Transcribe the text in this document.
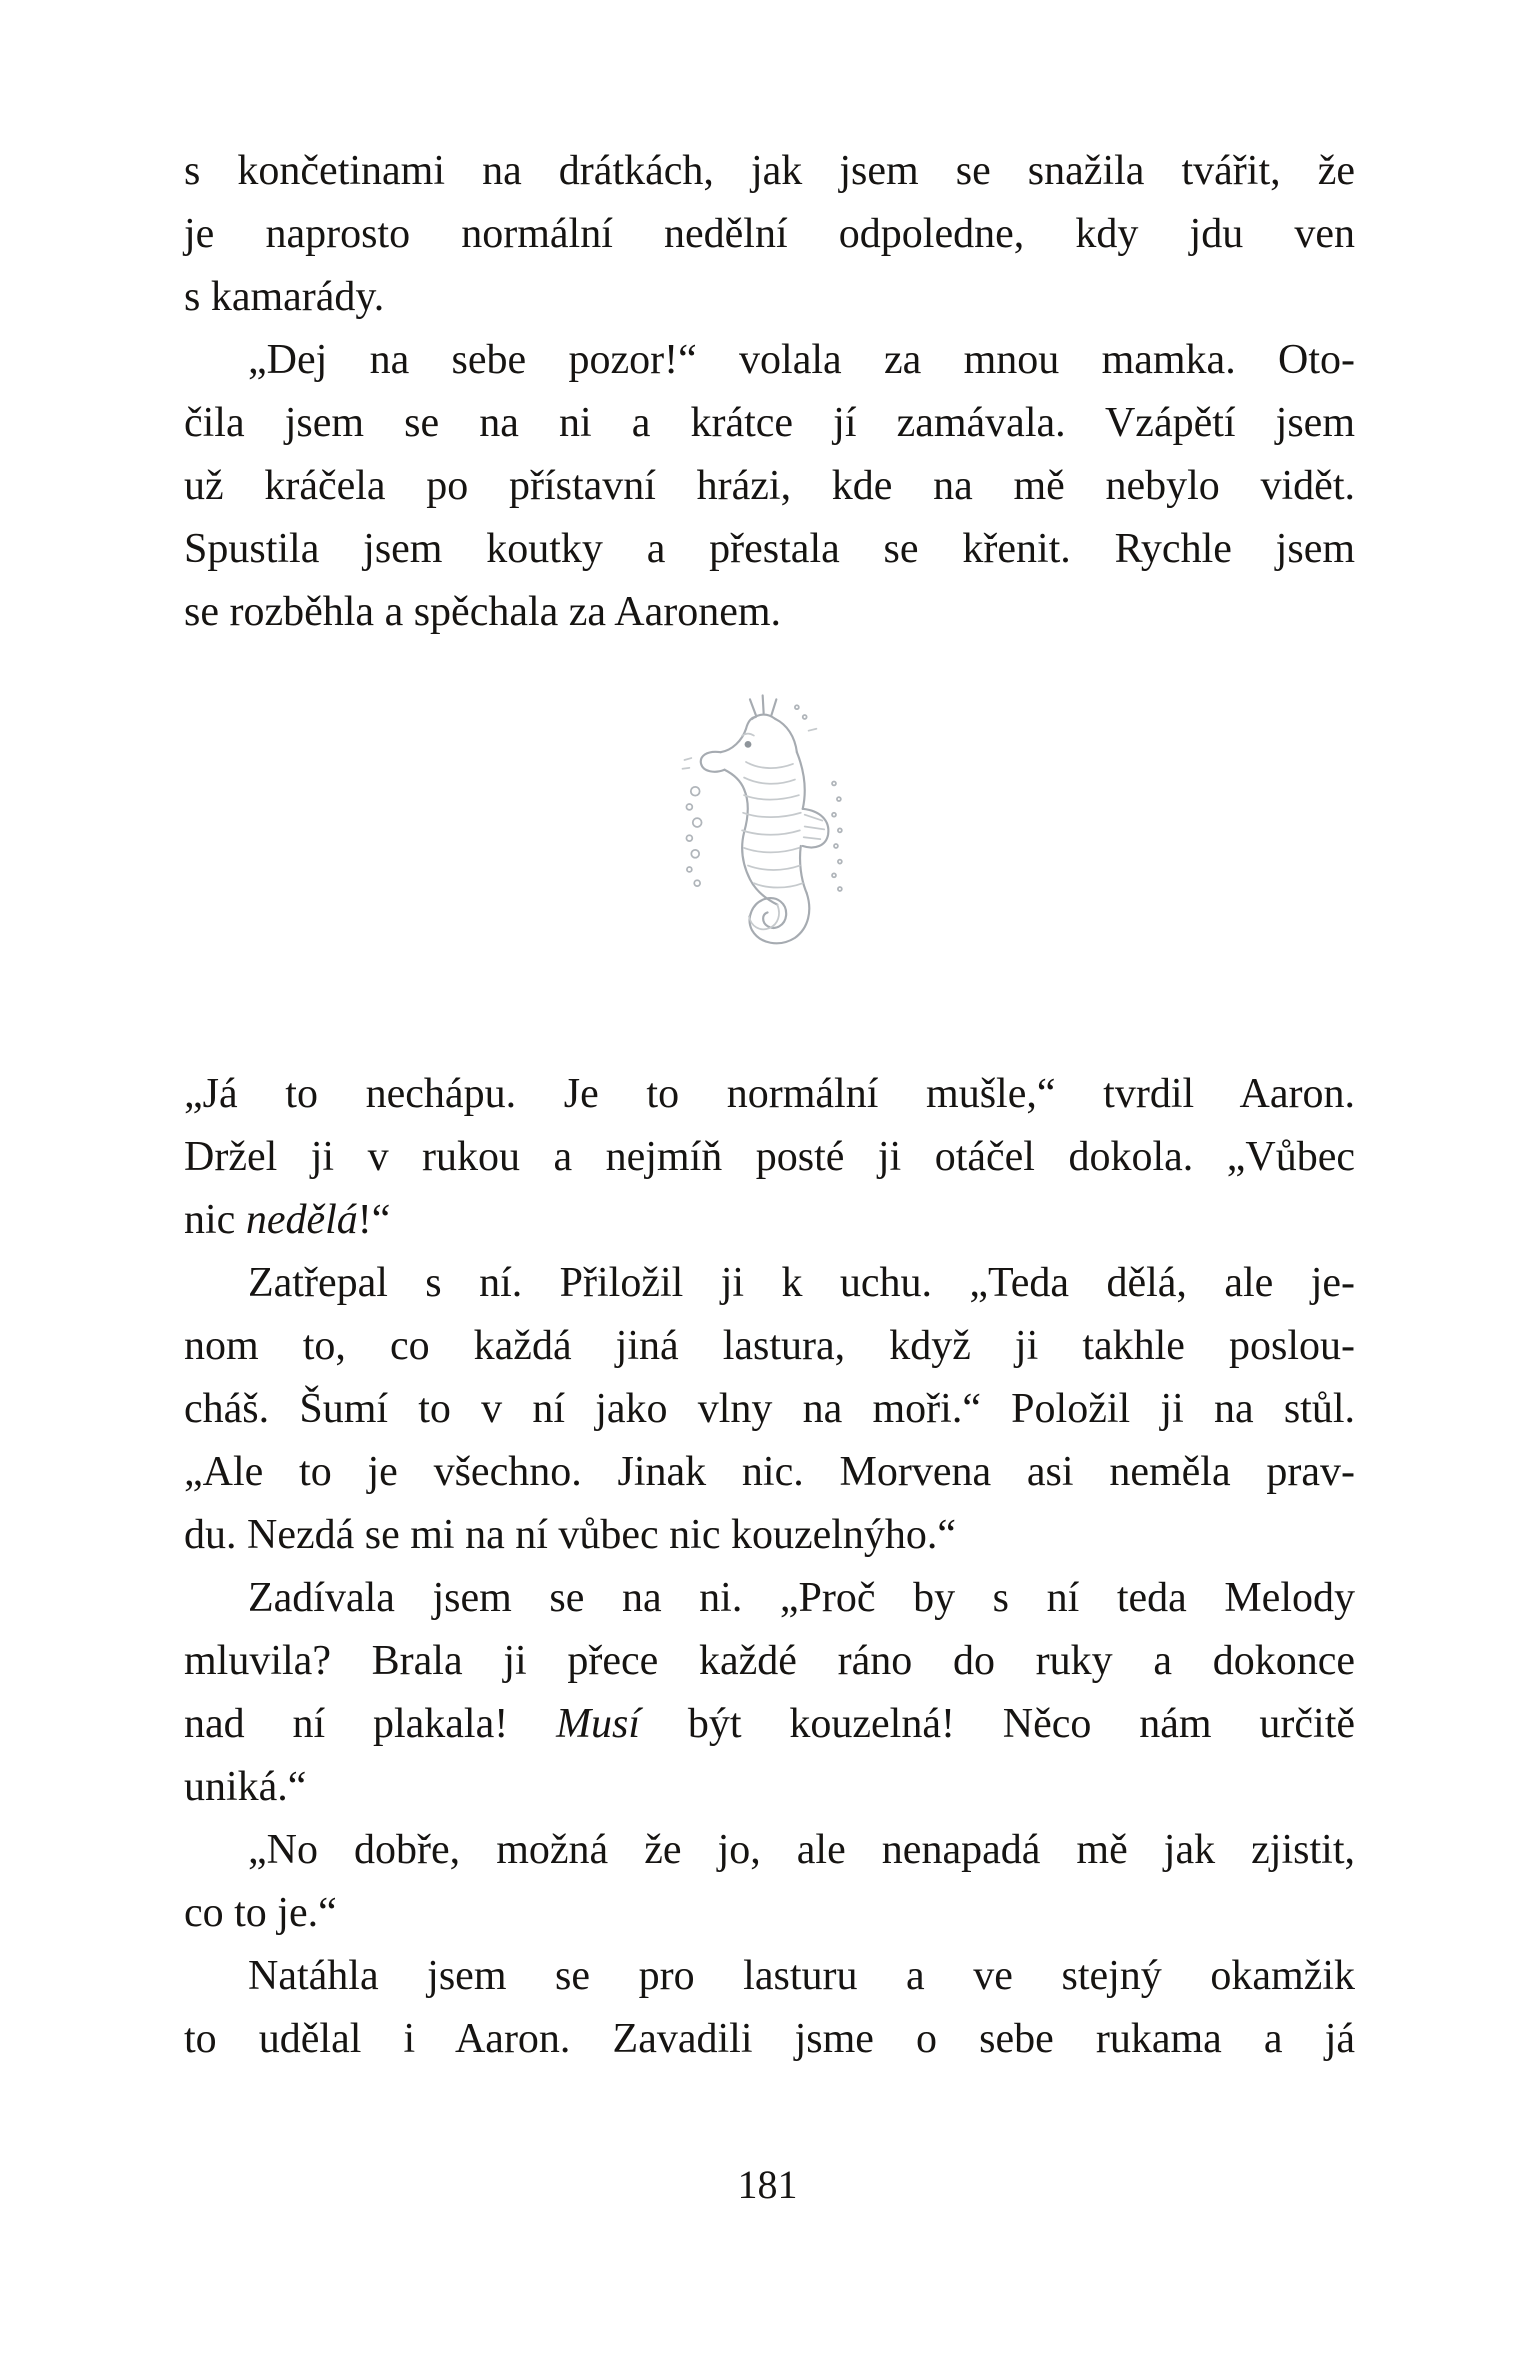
s končetinami na drátkách, jak jsem se snažila tvářit, že
je naprosto normální nedělní odpoledne, kdy jdu ven
s kamarády.

„Dej na sebe pozor!“ volala za mnou mamka. Oto-
čila jsem se na ni a krátce jí zamávala. Vzápětí jsem
už kráčela po přístavní hrázi, kde na mě nebylo vidět.
Spustila jsem koutky a přestala se křenit. Rychle jsem
se rozběhla a spěchala za Aaronem.

„Já to nechápu. Je to normální mušle,“ tvrdil Aaron.
Držel ji v rukou a nejmíň posté ji otáčel dokola. „Vůbec
nic nedělá!“

Zatřepal s ní. Přiložil ji k uchu. „Teda dělá, ale je-
nom to, co každá jiná lastura, když ji takhle poslou-
cháš. Šumí to v ní jako vlny na moři.“ Položil ji na stůl.
„Ale to je všechno. Jinak nic. Morvena asi neměla prav-
du. Nezdá se mi na ní vůbec nic kouzelnýho.“

Zadívala jsem se na ni. „Proč by s ní teda Melody
mluvila? Brala ji přece každé ráno do ruky a dokonce
nad ní plakala! Musí být kouzelná! Něco nám určitě
uniká.“

„No dobře, možná že jo, ale nenapadá mě jak zjistit,
co to je.“

Natáhla jsem se pro lasturu a ve stejný okamžik
to udělal i Aaron. Zavadili jsme o sebe rukama a já

181
